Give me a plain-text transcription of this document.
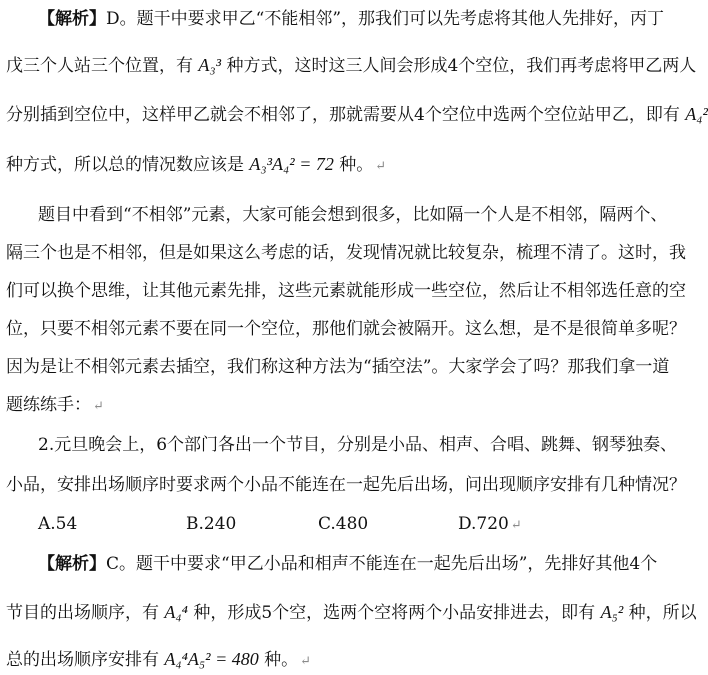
【解析】D。题干中要求甲乙“不能相邻”，那我们可以先考虑将其他人先排好，丙丁
戊三个人站三个位置，有 A₃³ 种方式，这时这三人间会形成4个空位，我们再考虑将甲乙两人
分别插到空位中，这样甲乙就会不相邻了，那就需要从4个空位中选两个空位站甲乙，即有 A₄²
种方式，所以总的情况数应该是 A₃³A₄² = 72 种。 ↵
题目中看到“不相邻”元素，大家可能会想到很多，比如隔一个人是不相邻，隔两个、
隔三个也是不相邻，但是如果这么考虑的话，发现情况就比较复杂，梳理不清了。这时，我
们可以换个思维，让其他元素先排，这些元素就能形成一些空位，然后让不相邻选任意的空
位，只要不相邻元素不要在同一个空位，那他们就会被隔开。这么想，是不是很简单多呢？
因为是让不相邻元素去插空，我们称这种方法为“插空法”。大家学会了吗？那我们拿一道
题练练手： ↵
2.元旦晚会上，6个部门各出一个节目，分别是小品、相声、合唱、跳舞、钢琴独奏、
小品，安排出场顺序时要求两个小品不能连在一起先后出场，问出现顺序安排有几种情况？
A.54	B.240	C.480	D.720 ↵
【解析】C。题干中要求“甲乙小品和相声不能连在一起先后出场”，先排好其他4个
节目的出场顺序，有 A₄⁴ 种，形成5个空，选两个空将两个小品安排进去，即有 A₅² 种，所以
总的出场顺序安排有 A₄⁴A₅² = 480 种。 ↵
